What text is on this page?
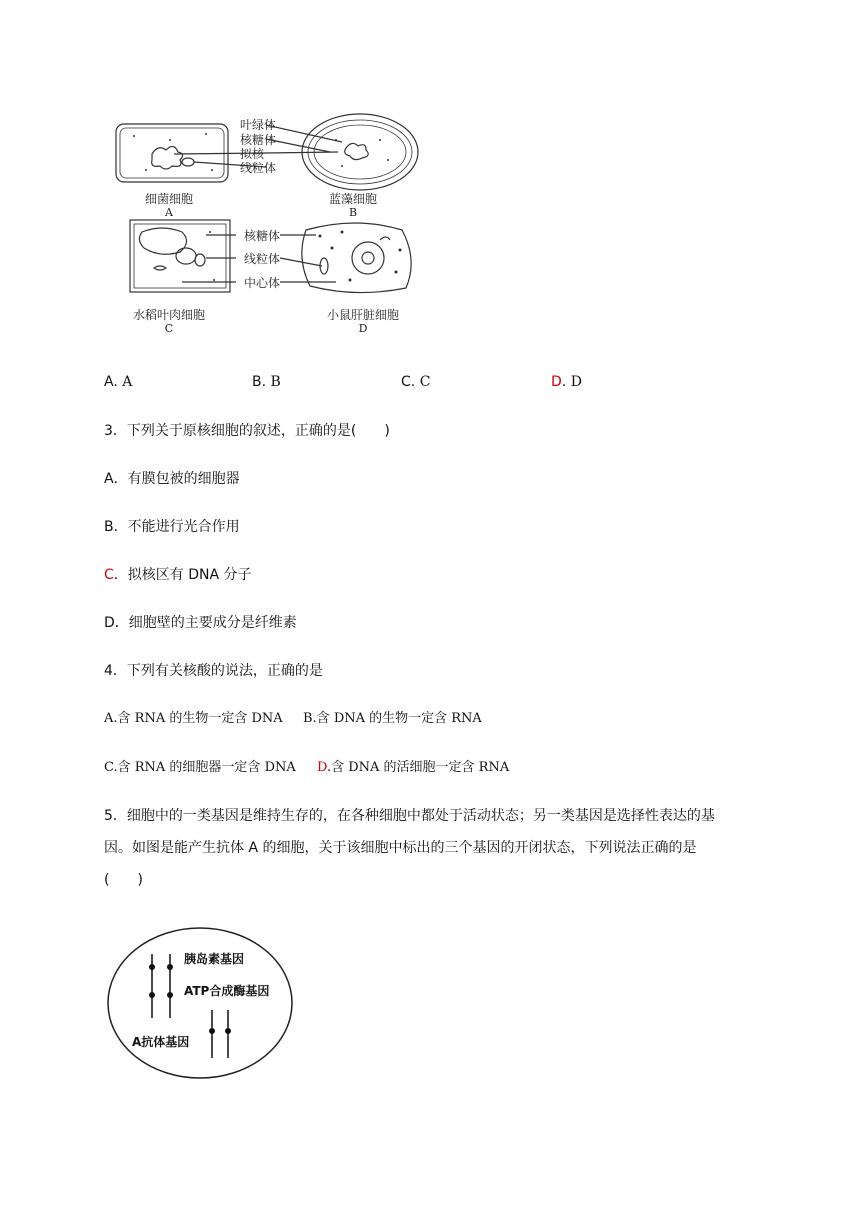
叶绿体
核糖体
拟核
线粒体
核糖体
线粒体
中心体
细菌细胞
A
蓝藻细胞
B
水稻叶肉细胞
C
小鼠肝脏细胞
D
A. A	B. B	C. C	D. D
3．下列关于原核细胞的叙述，正确的是(　　)
A．有膜包被的细胞器
B．不能进行光合作用
C．拟核区有 DNA 分子
D．细胞壁的主要成分是纤维素
4．下列有关核酸的说法，正确的是
A.含 RNA 的生物一定含 DNA B.含 DNA 的生物一定含 RNA
C.含 RNA 的细胞器一定含 DNA D.含 DNA 的活细胞一定含 RNA
5．细胞中的一类基因是维持生存的，在各种细胞中都处于活动状态；另一类基因是选择性表达的基
因。如图是能产生抗体 A 的细胞，关于该细胞中标出的三个基因的开闭状态，下列说法正确的是
(　　)
胰岛素基因
ATP合成酶基因
A抗体基因
